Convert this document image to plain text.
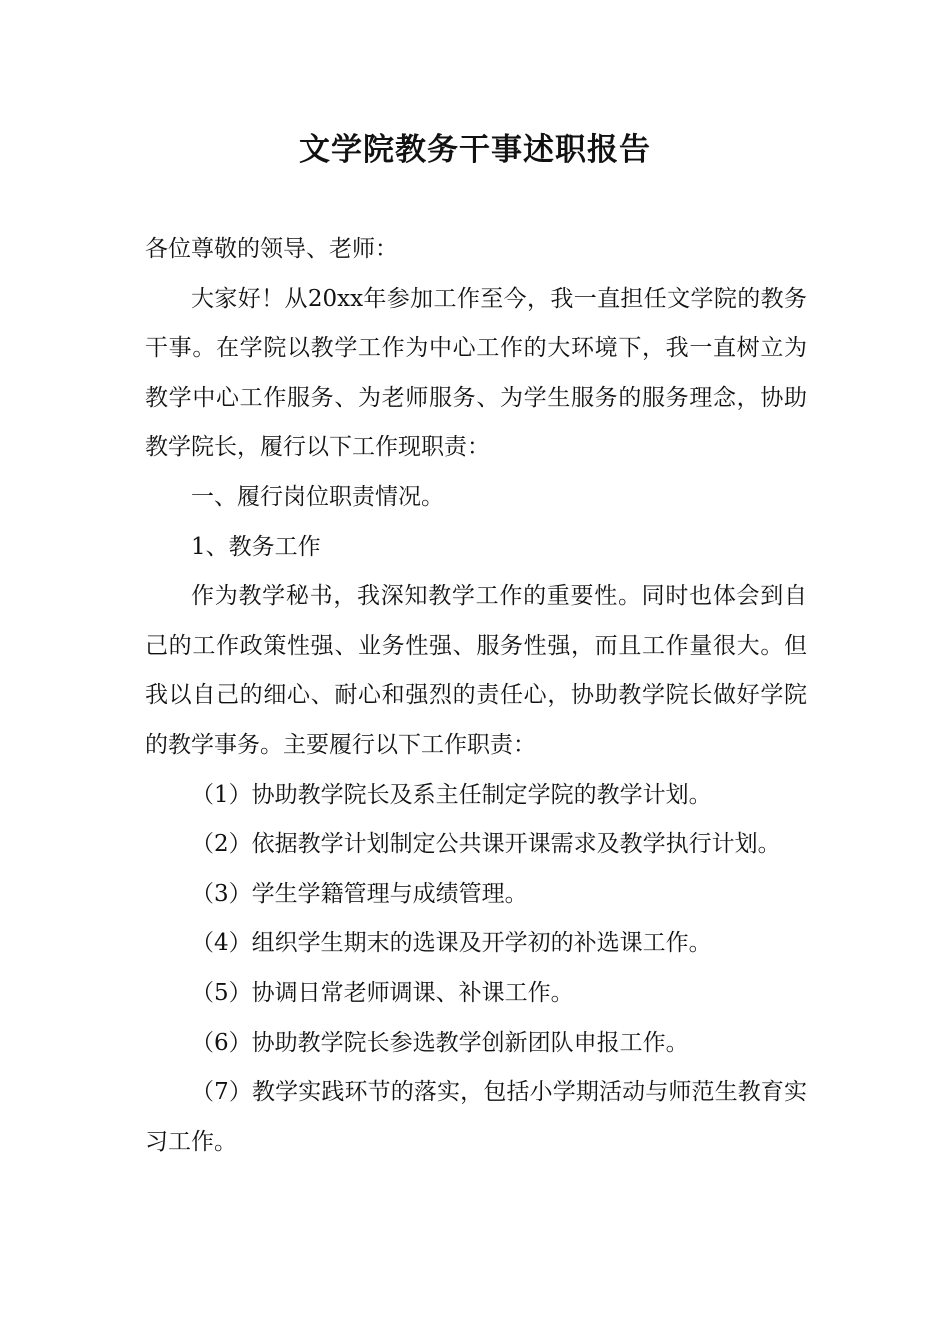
文学院教务干事述职报告

各位尊敬的领导、老师：

大家好！从20xx年参加工作至今，我一直担任文学院的教务干事。在学院以教学工作为中心工作的大环境下，我一直树立为教学中心工作服务、为老师服务、为学生服务的服务理念，协助教学院长，履行以下工作现职责：

一、履行岗位职责情况。

1、教务工作

作为教学秘书，我深知教学工作的重要性。同时也体会到自己的工作政策性强、业务性强、服务性强，而且工作量很大。但我以自己的细心、耐心和强烈的责任心，协助教学院长做好学院的教学事务。主要履行以下工作职责：

（1）协助教学院长及系主任制定学院的教学计划。

（2）依据教学计划制定公共课开课需求及教学执行计划。

（3）学生学籍管理与成绩管理。

（4）组织学生期末的选课及开学初的补选课工作。

（5）协调日常老师调课、补课工作。

（6）协助教学院长参选教学创新团队申报工作。

（7）教学实践环节的落实，包括小学期活动与师范生教育实习工作。
